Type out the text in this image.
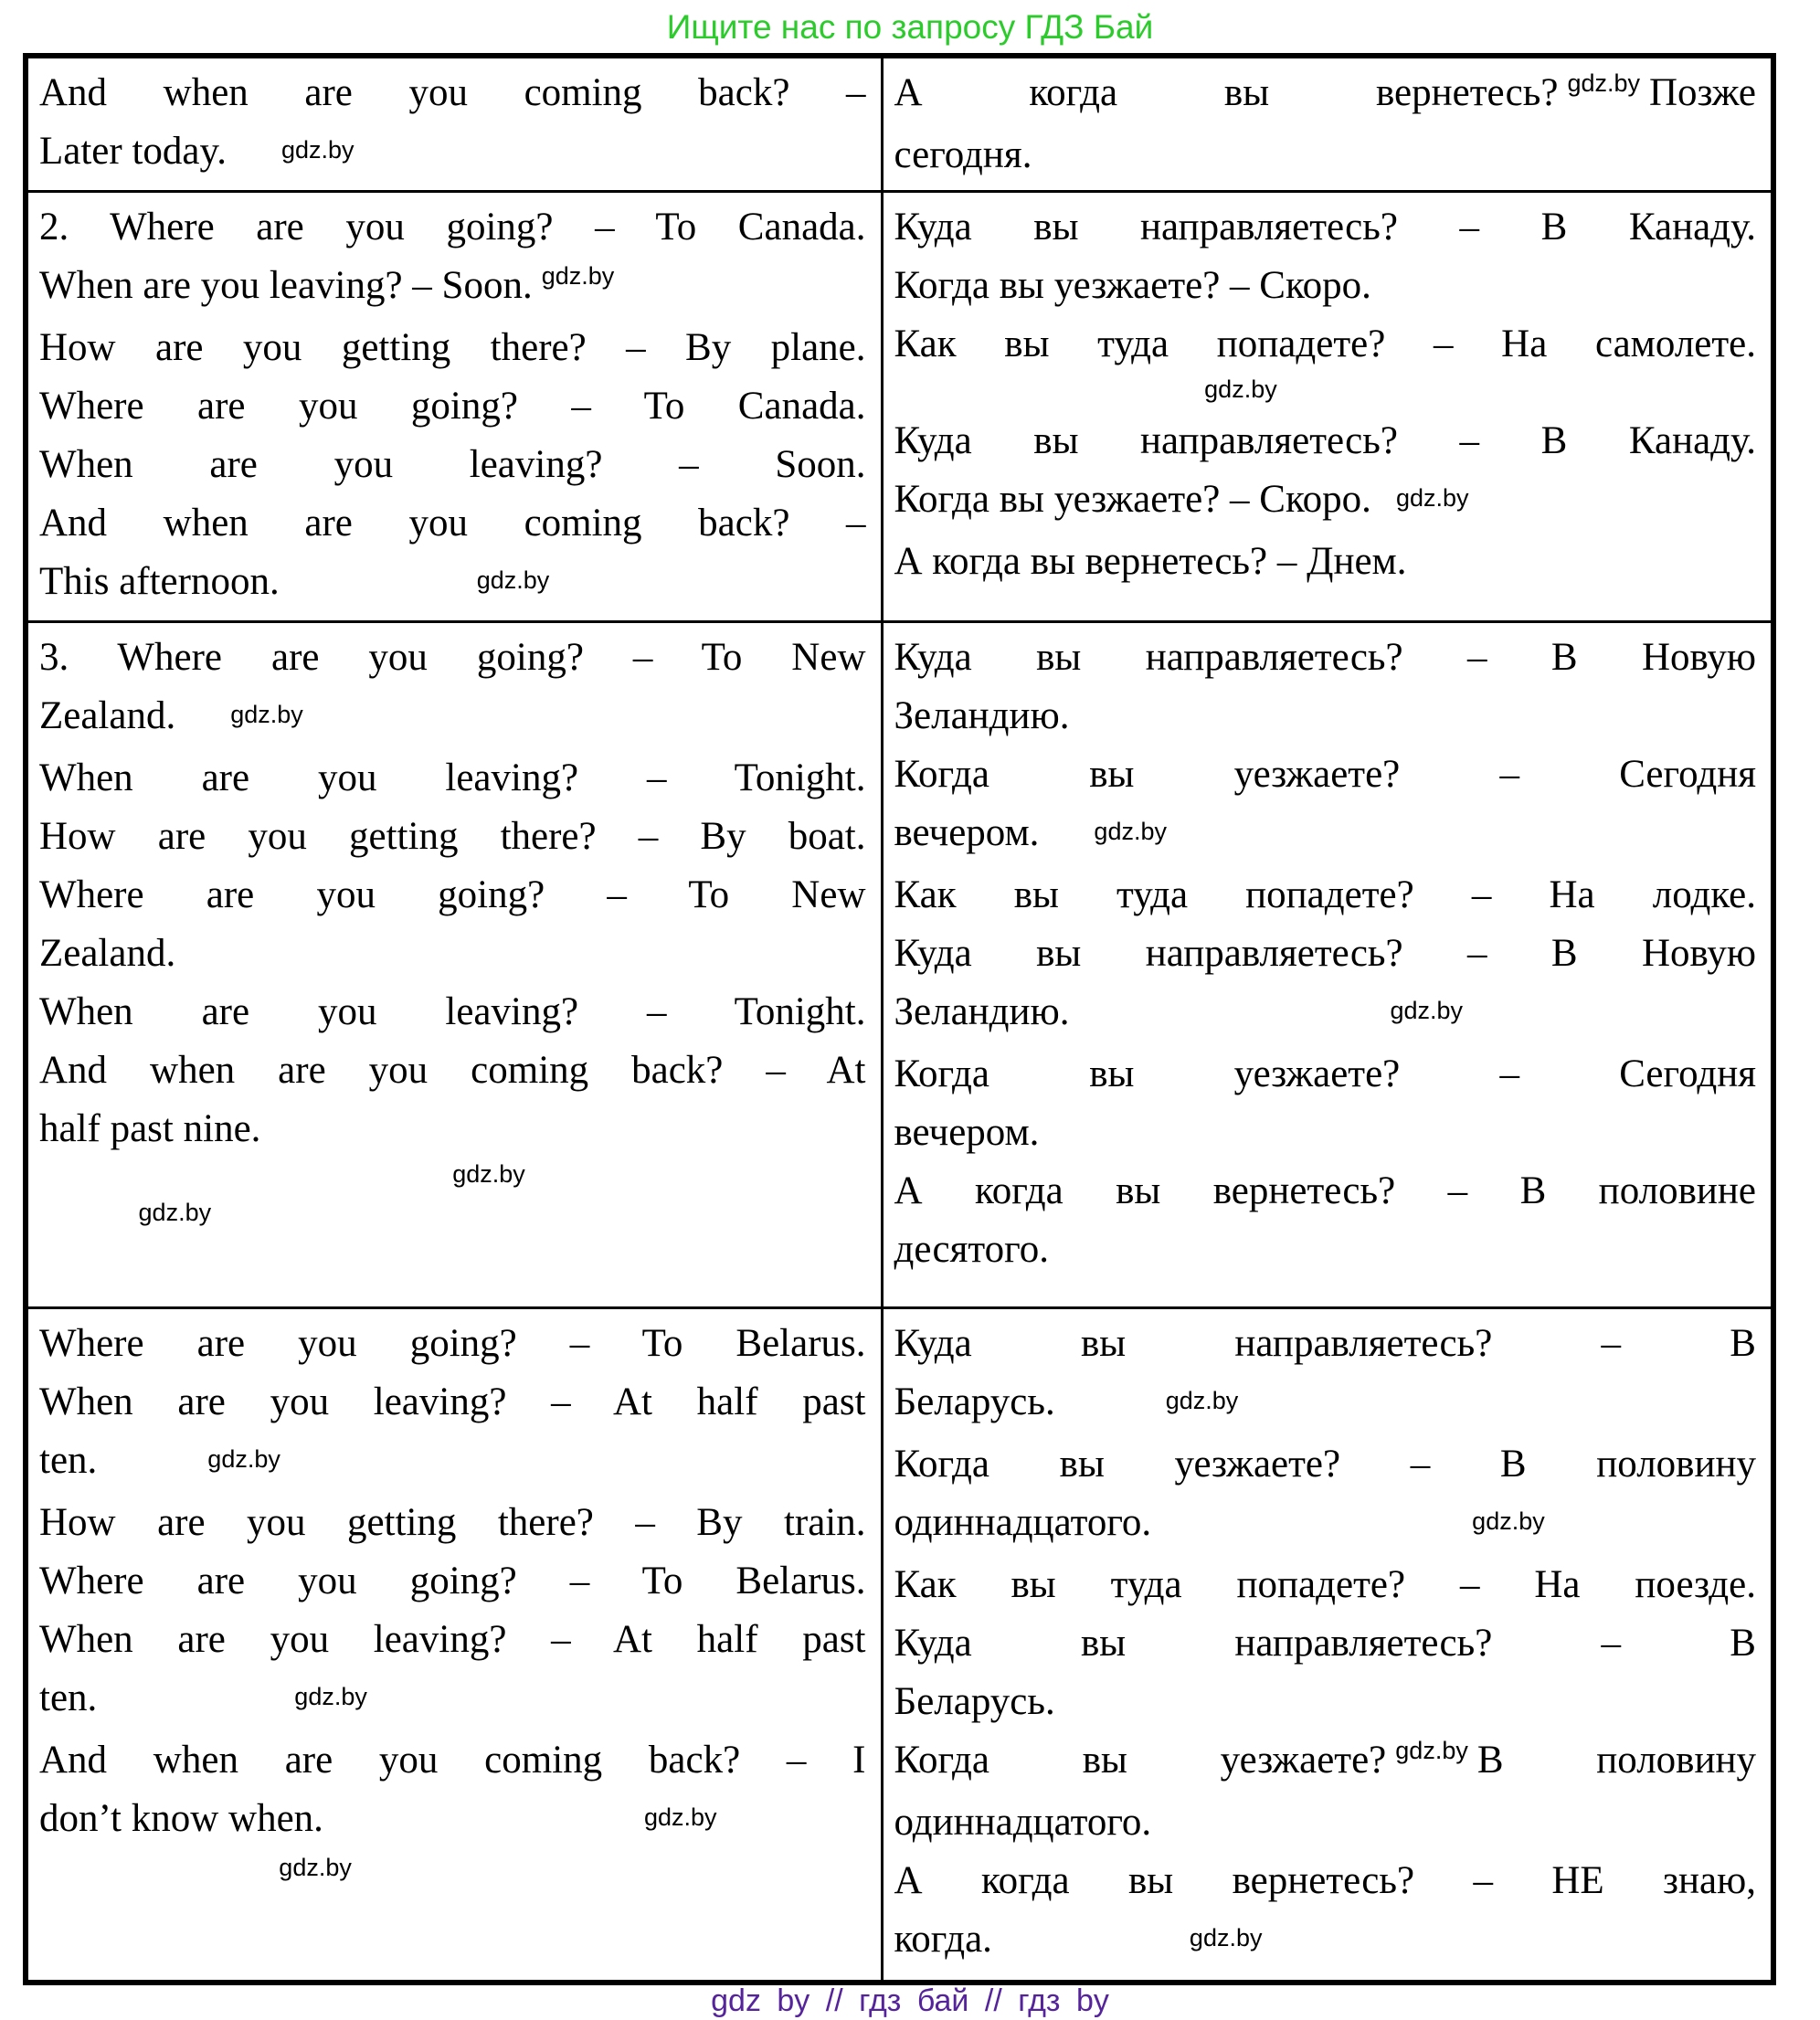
Ищите нас по запросу ГДЗ Бай
And when are you coming back? –
Later today. gdz.by

А когда вы вернетесь? $^{gdz.by}$ Позже
сегодня.

2. Where are you going? – To Canada.
When are you leaving? – Soon. $^{gdz.by}$
How are you getting there? – By plane.
Where are you going? – To Canada.
When are you leaving? – Soon.
And when are you coming back? –
This afternoon.	gdz.by

Куда вы направляетесь? – В Канаду.
Когда вы уезжаете? – Скоро.
Как вы туда попадете? – На самолете.
gdz.by
Куда вы направляетесь? – В Канаду.
Когда вы уезжаете? – Скоро. gdz.by
А когда вы вернетесь? – Днем.

3. Where are you going? – To New
Zealand. gdz.by
When are you leaving? – Tonight.
How are you getting there? – By boat.
Where are you going? – To New
Zealand.
When are you leaving? – Tonight.
And when are you coming back? – At
half past nine.
gdz.by
gdz.by

Куда вы направляетесь? – В Новую
Зеландию.
Когда вы уезжаете? – Сегодня
вечером. gdz.by
Как вы туда попадете? – На лодке.
Куда вы направляетесь? – В Новую
Зеландию.	gdz.by
Когда вы уезжаете? – Сегодня
вечером.
А когда вы вернетесь? – В половине
десятого.

Where are you going? – To Belarus.
When are you leaving? – At half past
ten.	gdz.by
How are you getting there? – By train.
Where are you going? – To Belarus.
When are you leaving? – At half past
ten.	gdz.by
And when are you coming back? – I
don’t know when.	gdz.by
gdz.by

Куда вы направляетесь? – В
Беларусь.	gdz.by
Когда вы уезжаете? – В половину
одиннадцатого.	gdz.by
Как вы туда попадете? – На поезде.
Куда вы направляетесь? – В
Беларусь.
Когда вы уезжаете? $^{gdz.by}$ В половину
одиннадцатого.
А когда вы вернетесь? – НЕ знаю,
когда.	gdz.by
gdz by // гдз бай // гдз by
